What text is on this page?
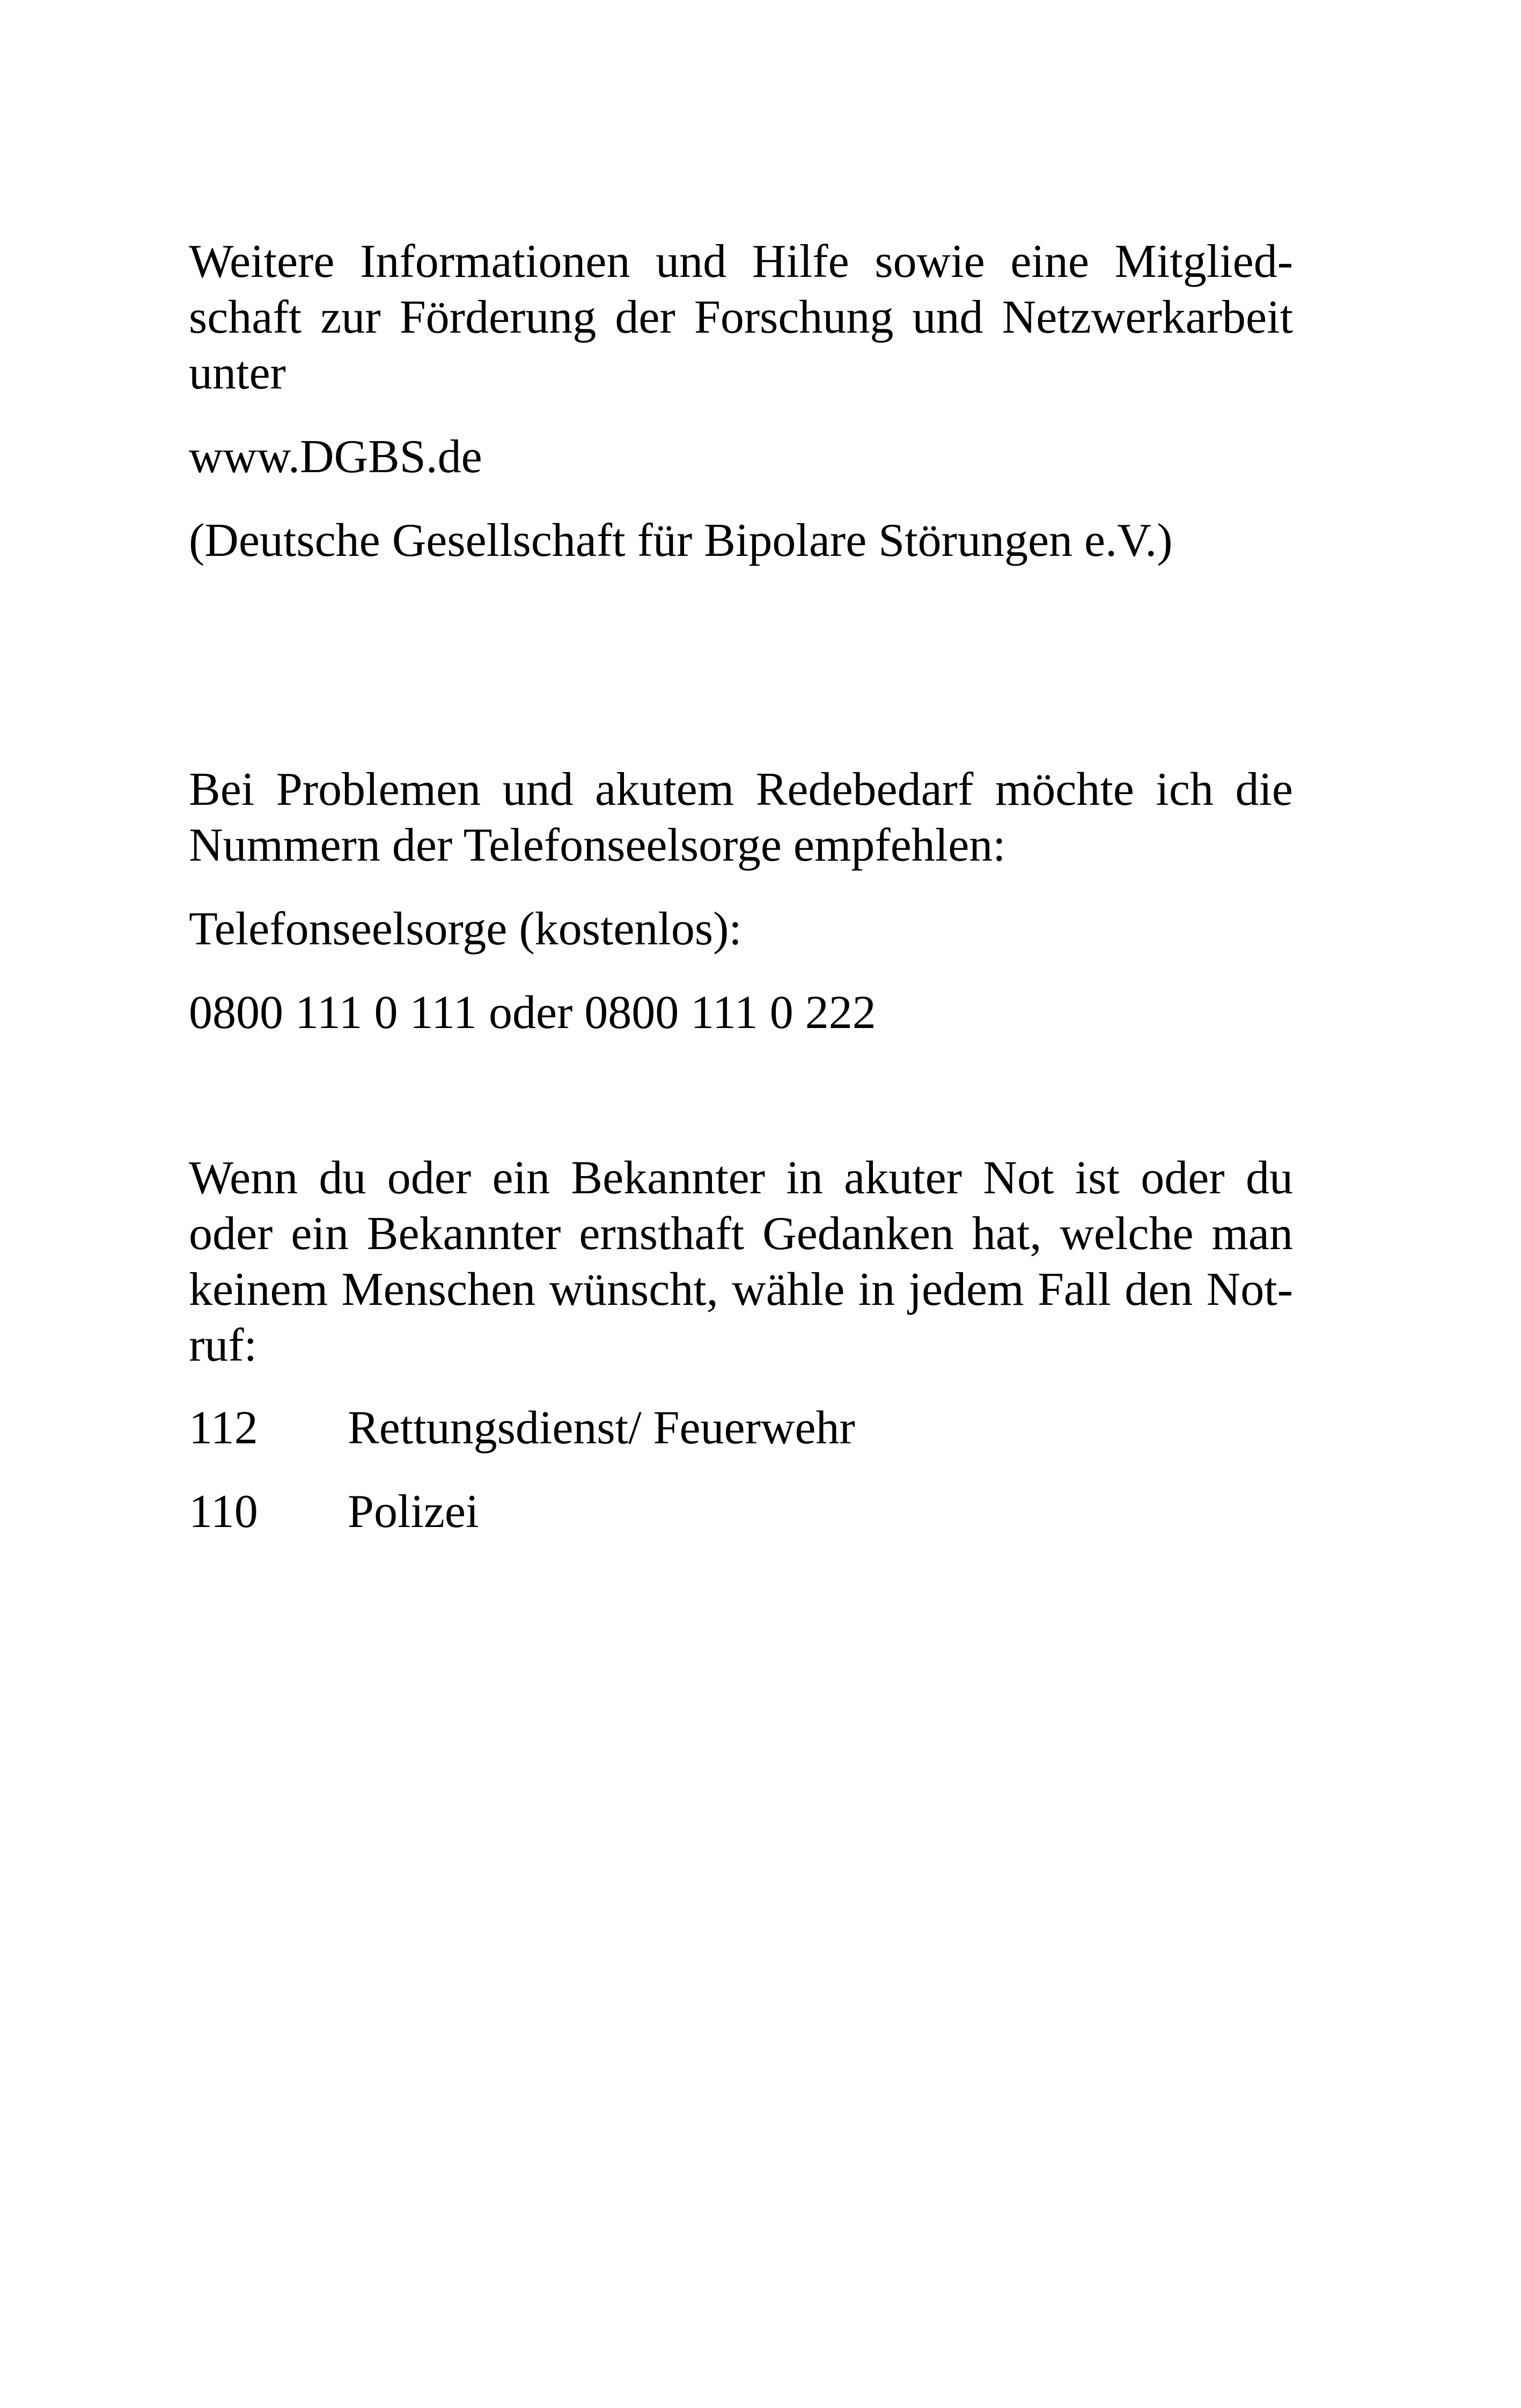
Weitere Informationen und Hilfe sowie eine Mitglied-
schaft zur Förderung der Forschung und Netzwerkarbeit
unter
www.DGBS.de
(Deutsche Gesellschaft für Bipolare Störungen e.V.)
Bei Problemen und akutem Redebedarf möchte ich die
Nummern der Telefonseelsorge empfehlen:
Telefonseelsorge (kostenlos):
0800 111 0 111 oder 0800 111 0 222
Wenn du oder ein Bekannter in akuter Not ist oder du
oder ein Bekannter ernsthaft Gedanken hat, welche man
keinem Menschen wünscht, wähle in jedem Fall den Not-
ruf:
112 Rettungsdienst/ Feuerwehr
110 Polizei
